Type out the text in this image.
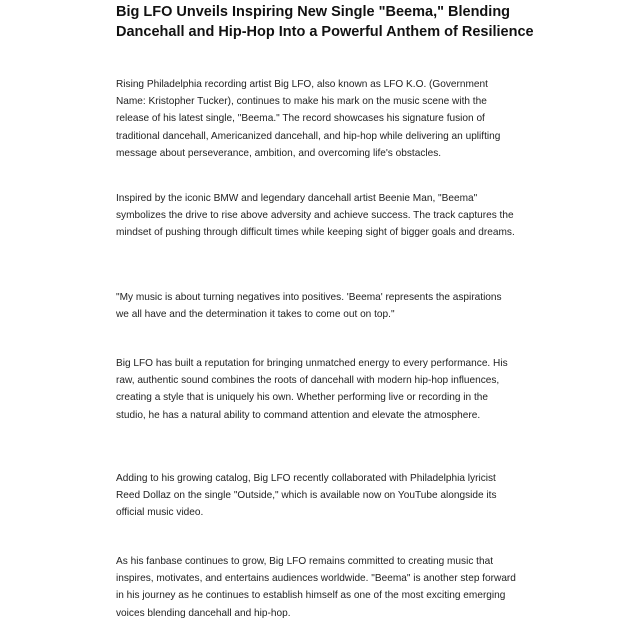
Big LFO Unveils Inspiring New Single "Beema," Blending Dancehall and Hip-Hop Into a Powerful Anthem of Resilience

Rising Philadelphia recording artist Big LFO, also known as LFO K.O. (Government Name: Kristopher Tucker), continues to make his mark on the music scene with the release of his latest single, "Beema." The record showcases his signature fusion of traditional dancehall, Americanized dancehall, and hip-hop while delivering an uplifting message about perseverance, ambition, and overcoming life's obstacles.

Inspired by the iconic BMW and legendary dancehall artist Beenie Man, "Beema" symbolizes the drive to rise above adversity and achieve success. The track captures the mindset of pushing through difficult times while keeping sight of bigger goals and dreams.

"My music is about turning negatives into positives. 'Beema' represents the aspirations we all have and the determination it takes to come out on top."

Big LFO has built a reputation for bringing unmatched energy to every performance. His raw, authentic sound combines the roots of dancehall with modern hip-hop influences, creating a style that is uniquely his own. Whether performing live or recording in the studio, he has a natural ability to command attention and elevate the atmosphere.

Adding to his growing catalog, Big LFO recently collaborated with Philadelphia lyricist Reed Dollaz on the single "Outside," which is available now on YouTube alongside its official music video.

As his fanbase continues to grow, Big LFO remains committed to creating music that inspires, motivates, and entertains audiences worldwide. "Beema" is another step forward in his journey as he continues to establish himself as one of the most exciting emerging voices blending dancehall and hip-hop.
